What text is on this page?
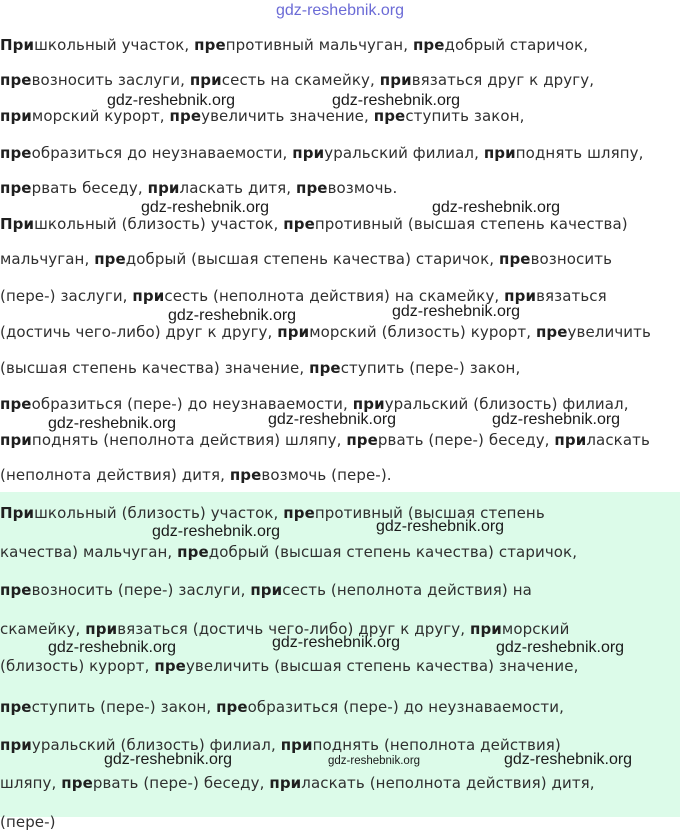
gdz-reshebnik.org
Пришкольный участок, препротивный мальчуган, предобрый старичок,
превозносить заслуги, присесть на скамейку, привязаться друг к другу,
приморский курорт, преувеличить значение, преступить закон,
преобразиться до неузнаваемости, приуральский филиал, приподнять шляпу,
прервать беседу, приласкать дитя, превозмочь.
Пришкольный (близость) участок, препротивный (высшая степень качества)
мальчуган, предобрый (высшая степень качества) старичок, превозносить
(пере-) заслуги, присесть (неполнота действия) на скамейку, привязаться
(достичь чего-либо) друг к другу, приморский (близость) курорт, преувеличить
(высшая степень качества) значение, преступить (пере-) закон,
преобразиться (пере-) до неузнаваемости, приуральский (близость) филиал,
приподнять (неполнота действия) шляпу, прервать (пере-) беседу, приласкать
(неполнота действия) дитя, превозмочь (пере-).
Пришкольный (близость) участок, препротивный (высшая степень
качества) мальчуган, предобрый (высшая степень качества) старичок,
превозносить (пере-) заслуги, присесть (неполнота действия) на
скамейку, привязаться (достичь чего-либо) друг к другу, приморский
(близость) курорт, преувеличить (высшая степень качества) значение,
преступить (пере-) закон, преобразиться (пере-) до неузнаваемости,
приуральский (близость) филиал, приподнять (неполнота действия)
шляпу, прервать (пере-) беседу, приласкать (неполнота действия) дитя,
(пере-)
gdz-reshebnik.org	gdz-reshebnik.org
gdz-reshebnik.org	gdz-reshebnik.org
gdz-reshebnik.org	gdz-reshebnik.org
gdz-reshebnik.org	gdz-reshebnik.org	gdz-reshebnik.org
gdz-reshebnik.org	gdz-reshebnik.org
gdz-reshebnik.org	gdz-reshebnik.org	gdz-reshebnik.org
gdz-reshebnik.org	gdz-reshebnik.org	gdz-reshebnik.org
